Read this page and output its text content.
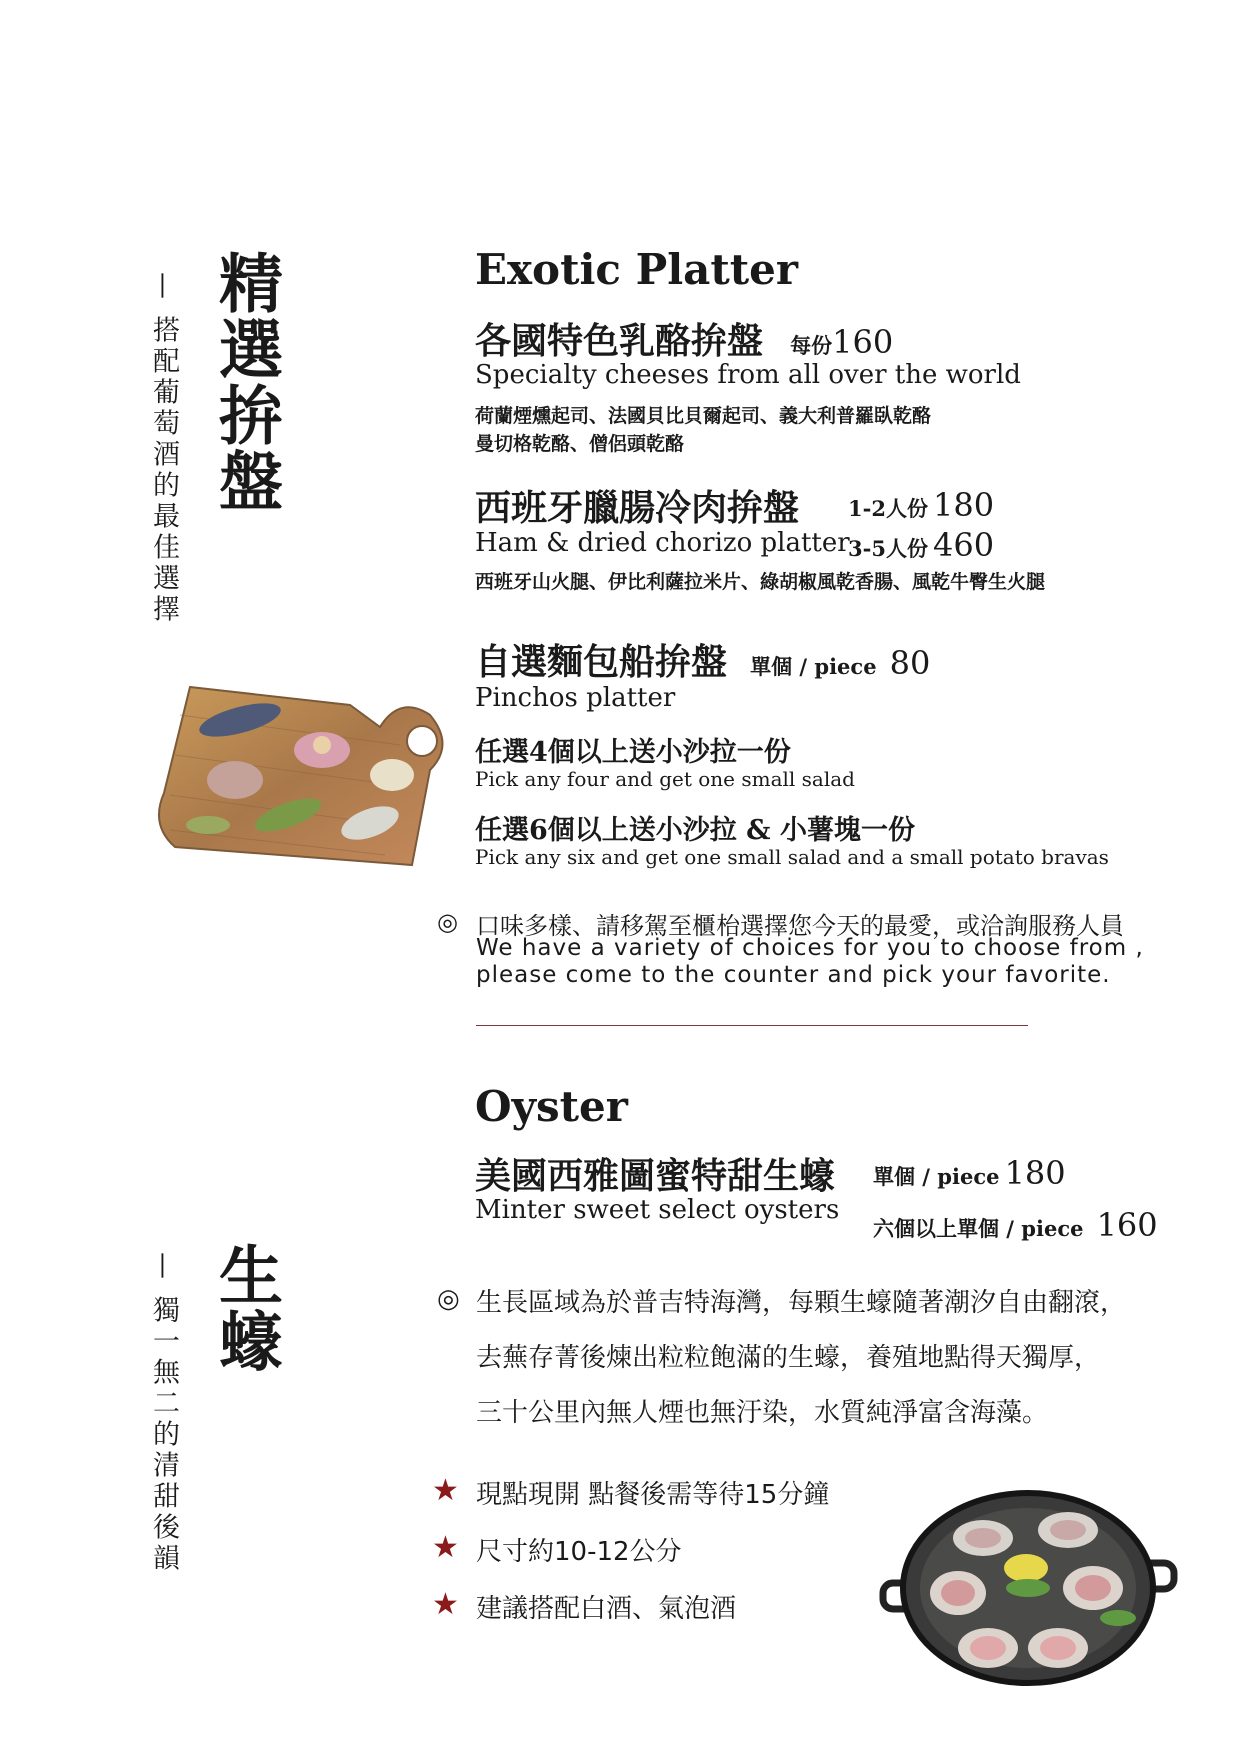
精選拚盤
— 搭配葡萄酒的最佳選擇
Exotic Platter
各國特色乳酪拚盤 每份160
Specialty cheeses from all over the world
荷蘭煙燻起司、法國貝比貝爾起司、義大利普羅臥乾酪
曼切格乾酪、僧侶頭乾酪
西班牙臘腸冷肉拚盤 1-2人份 180
Ham & dried chorizo platter
3-5人份 460
西班牙山火腿、伊比利薩拉米片、綠胡椒風乾香腸、風乾牛臀生火腿
自選麵包船拚盤 單個 / piece 80
Pinchos platter
任選4個以上送小沙拉一份
Pick any four and get one small salad
任選6個以上送小沙拉 & 小薯塊一份
Pick any six and get one small salad and a small potato bravas
◎ 口味多樣、請移駕至櫃枱選擇您今天的最愛，或洽詢服務人員
We have a variety of choices for you to choose from ,
please come to the counter and pick your favorite.
生蠔
— 獨一無二的清甜後韻
Oyster
美國西雅圖蜜特甜生蠔 單個 / piece 180
Minter sweet select oysters
六個以上單個 / piece 160
◎ 生長區域為於普吉特海灣，每顆生蠔隨著潮汐自由翻滾，
去蕪存菁後煉出粒粒飽滿的生蠔，養殖地點得天獨厚，
三十公里內無人煙也無汙染，水質純淨富含海藻。
★ 現點現開 點餐後需等待15分鐘
★ 尺寸約10-12公分
★ 建議搭配白酒、氣泡酒
